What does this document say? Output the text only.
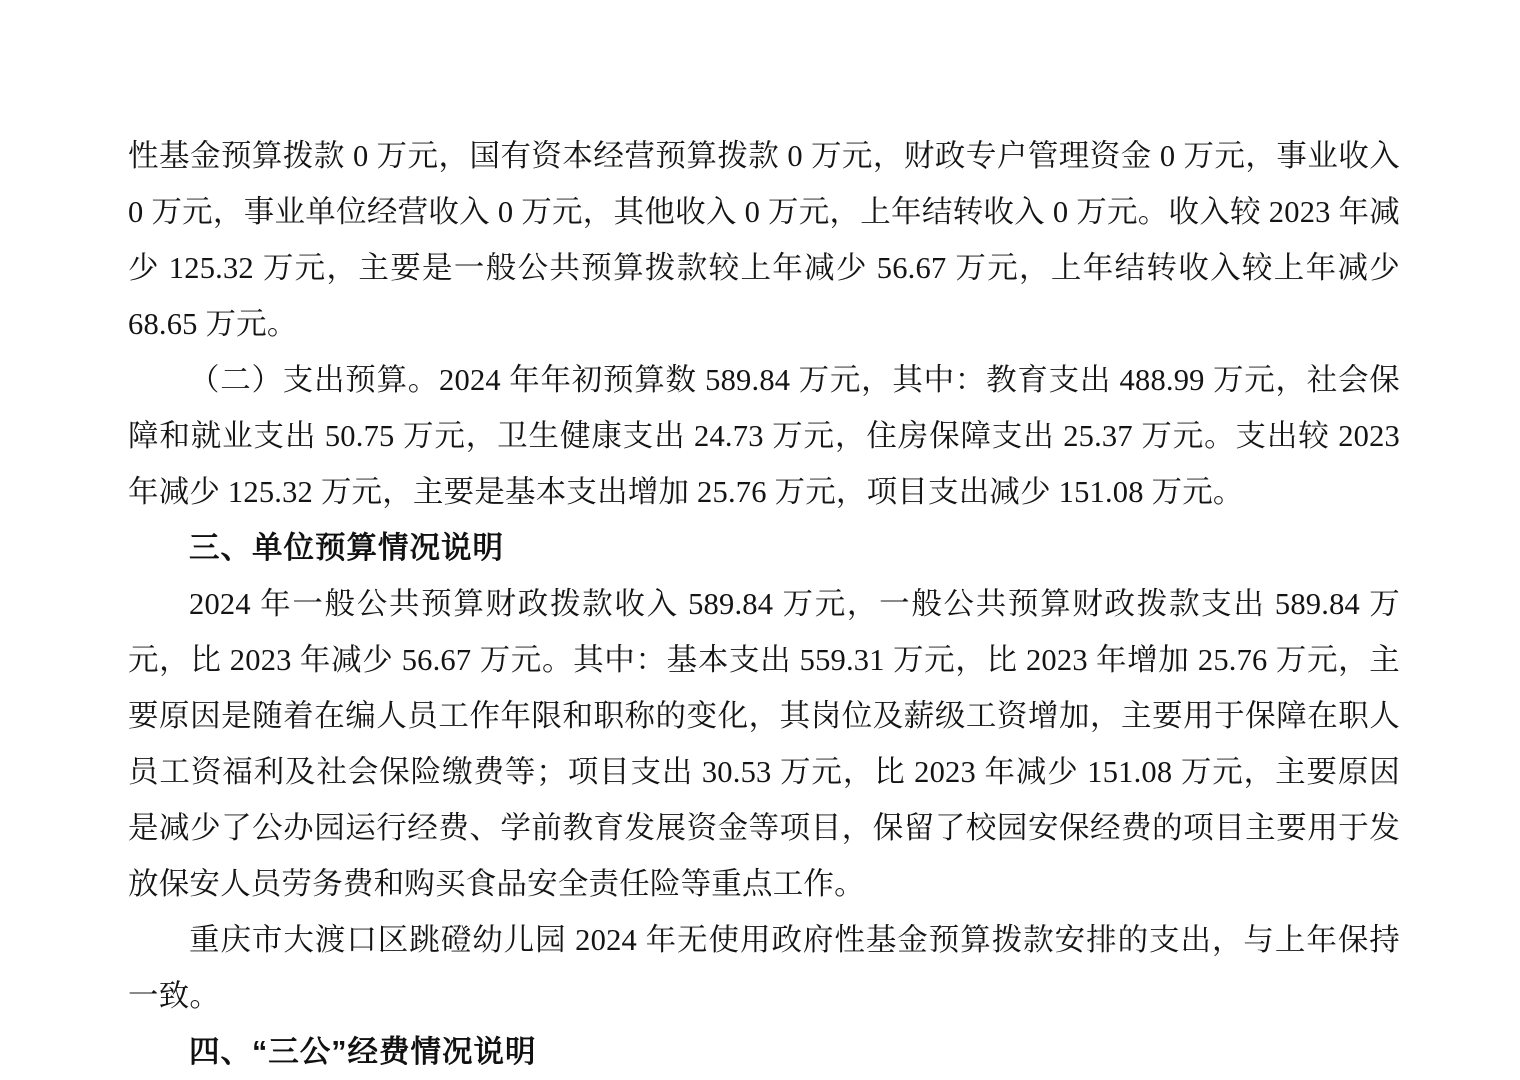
性基金预算拨款 0 万元，国有资本经营预算拨款 0 万元，财政专户管理资金 0 万元，事业收入 0 万元，事业单位经营收入 0 万元，其他收入 0 万元，上年结转收入 0 万元。收入较 2023 年减少 125.32 万元，主要是一般公共预算拨款较上年减少 56.67 万元，上年结转收入较上年减少 68.65 万元。

（二）支出预算。2024 年年初预算数 589.84 万元，其中：教育支出 488.99 万元，社会保障和就业支出 50.75 万元，卫生健康支出 24.73 万元，住房保障支出 25.37 万元。支出较 2023 年减少 125.32 万元，主要是基本支出增加 25.76 万元，项目支出减少 151.08 万元。

三、单位预算情况说明

2024 年一般公共预算财政拨款收入 589.84 万元，一般公共预算财政拨款支出 589.84 万元，比 2023 年减少 56.67 万元。其中：基本支出 559.31 万元，比 2023 年增加 25.76 万元，主要原因是随着在编人员工作年限和职称的变化，其岗位及薪级工资增加，主要用于保障在职人员工资福利及社会保险缴费等；项目支出 30.53 万元，比 2023 年减少 151.08 万元，主要原因是减少了公办园运行经费、学前教育发展资金等项目，保留了校园安保经费的项目主要用于发放保安人员劳务费和购买食品安全责任险等重点工作。

重庆市大渡口区跳磴幼儿园 2024 年无使用政府性基金预算拨款安排的支出，与上年保持一致。

四、“三公”经费情况说明
